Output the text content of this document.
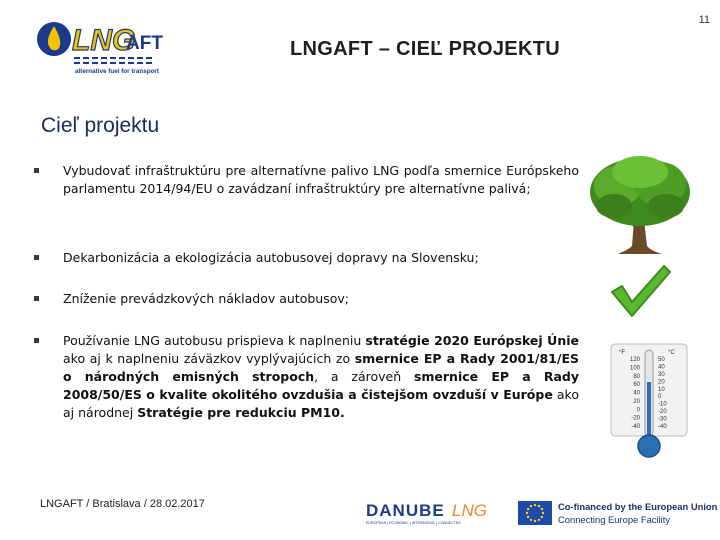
11
LNG
AFT
alternative fuel for transport
LNGAFT – CIEĽ PROJEKTU
Cieľ projektu
Vybudovať infraštruktúru pre alternatívne palivo LNG podľa smernice Európskeho parlamentu 2014/94/EU o zavádzaní infraštruktúry pre alternatívne palivá;
Dekarbonizácia a ekologizácia autobusovej dopravy na Slovensku;
Zníženie prevádzkových nákladov autobusov;
Používanie LNG autobusu prispieva k naplneniu stratégie 2020 Európskej Únie ako aj k naplneniu záväzkov vyplývajúcich zo smernice EP a Rady 2001/81/ES o národných emisných stropoch, a zároveň smernice EP a Rady 2008/50/ES o kvalite okolitého ovzdušia a čistejšom ovzduší v Európe ako aj národnej Stratégie pre redukciu PM10.
°F	°C
120
100
80
60
40
20
0
-20
-40
50
40
30
20
10
0
-10
-20
-30
-40
LNGAFT / Bratislava / 28.02.2017	DANUBE LNG
EUROPEAN | ECONOMIC | INTERMODAL | CONNECTED
Co-financed by the European Union
Connecting Europe Facility
